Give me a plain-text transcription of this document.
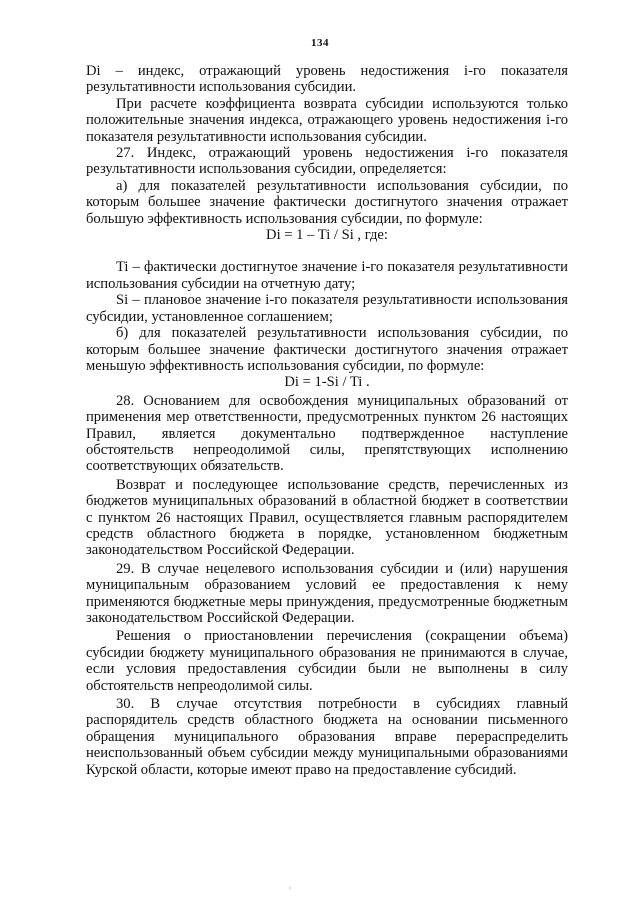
134

Di – индекс, отражающий уровень недостижения i-го показателя результативности использования субсидии.

При расчете коэффициента возврата субсидии используются только положительные значения индекса, отражающего уровень недостижения i-го показателя результативности использования субсидии.

27. Индекс, отражающий уровень недостижения i-го показателя результативности использования субсидии, определяется:

а) для показателей результативности использования субсидии, по которым большее значение фактически достигнутого значения отражает большую эффективность использования субсидии, по формуле:

Di = 1 – Ti / Si , где:

Ti – фактически достигнутое значение i-го показателя результативности использования субсидии на отчетную дату;

Si – плановое значение i-го показателя результативности использования субсидии, установленное соглашением;

б) для показателей результативности использования субсидии, по которым большее значение фактически достигнутого значения отражает меньшую эффективность использования субсидии, по формуле:

Di = 1-Si / Ti .

28. Основанием для освобождения муниципальных образований от применения мер ответственности, предусмотренных пунктом 26 настоящих Правил, является документально подтвержденное наступление обстоятельств непреодолимой силы, препятствующих исполнению соответствующих обязательств.

Возврат и последующее использование средств, перечисленных из бюджетов муниципальных образований в областной бюджет в соответствии с пунктом 26 настоящих Правил, осуществляется главным распорядителем средств областного бюджета в порядке, установленном бюджетным законодательством Российской Федерации.

29. В случае нецелевого использования субсидии и (или) нарушения муниципальным образованием условий ее предоставления к нему применяются бюджетные меры принуждения, предусмотренные бюджетным законодательством Российской Федерации.

Решения о приостановлении перечисления (сокращении объема) субсидии бюджету муниципального образования не принимаются в случае, если условия предоставления субсидии были не выполнены в силу обстоятельств непреодолимой силы.

30. В случае отсутствия потребности в субсидиях главный распорядитель средств областного бюджета на основании письменного обращения муниципального образования вправе перераспределить неиспользованный объем субсидии между муниципальными образованиями Курской области, которые имеют право на предоставление субсидий.
